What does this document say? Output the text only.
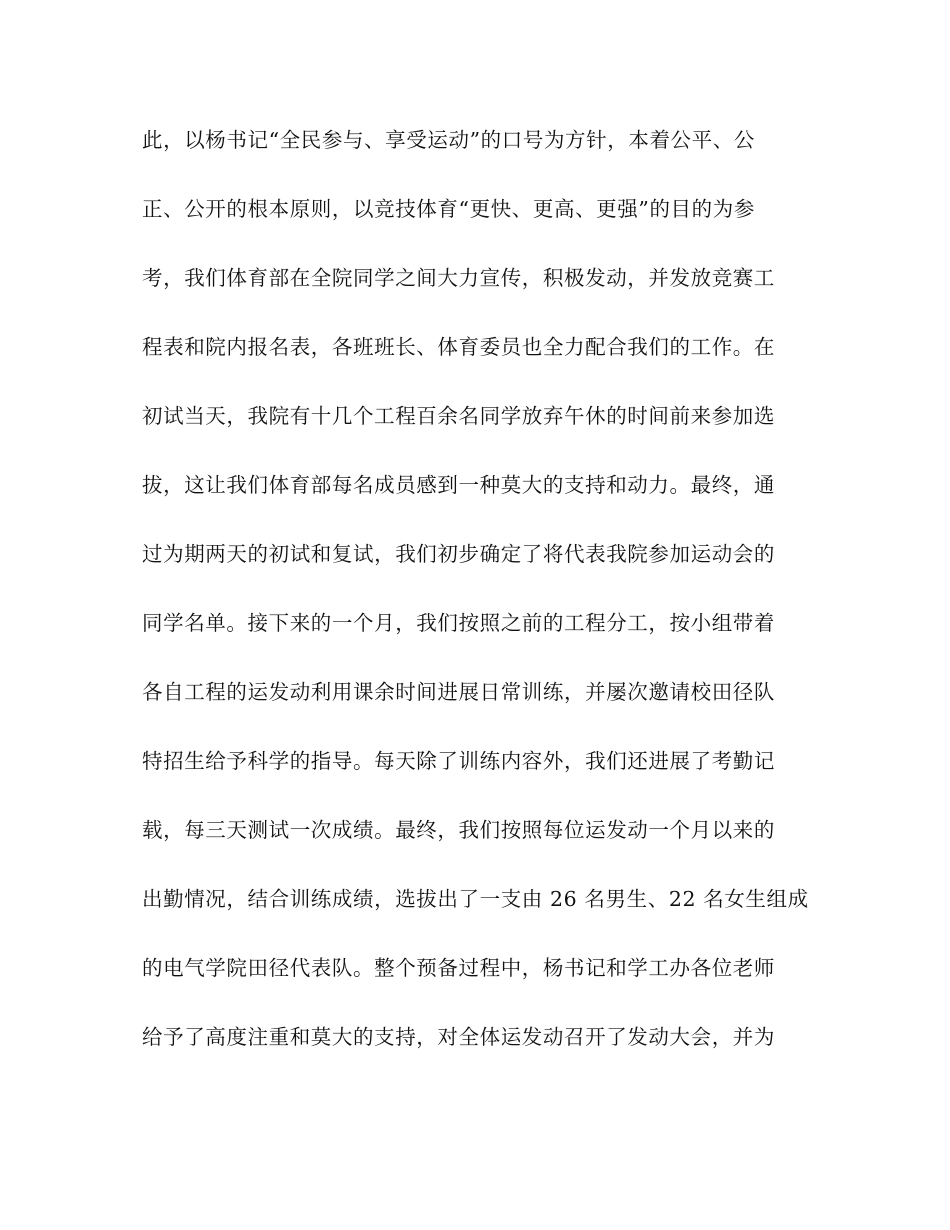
此，以杨书记“全民参与、享受运动”的口号为方针，本着公平、公
正、公开的根本原则，以竞技体育“更快、更高、更强”的目的为参
考，我们体育部在全院同学之间大力宣传，积极发动，并发放竞赛工
程表和院内报名表，各班班长、体育委员也全力配合我们的工作。在
初试当天，我院有十几个工程百余名同学放弃午休的时间前来参加选
拔，这让我们体育部每名成员感到一种莫大的支持和动力。最终，通
过为期两天的初试和复试，我们初步确定了将代表我院参加运动会的
同学名单。接下来的一个月，我们按照之前的工程分工，按小组带着
各自工程的运发动利用课余时间进展日常训练，并屡次邀请校田径队
特招生给予科学的指导。每天除了训练内容外，我们还进展了考勤记
载，每三天测试一次成绩。最终，我们按照每位运发动一个月以来的
出勤情况，结合训练成绩，选拔出了一支由 26 名男生、22 名女生组成
的电气学院田径代表队。整个预备过程中，杨书记和学工办各位老师
给予了高度注重和莫大的支持，对全体运发动召开了发动大会，并为
